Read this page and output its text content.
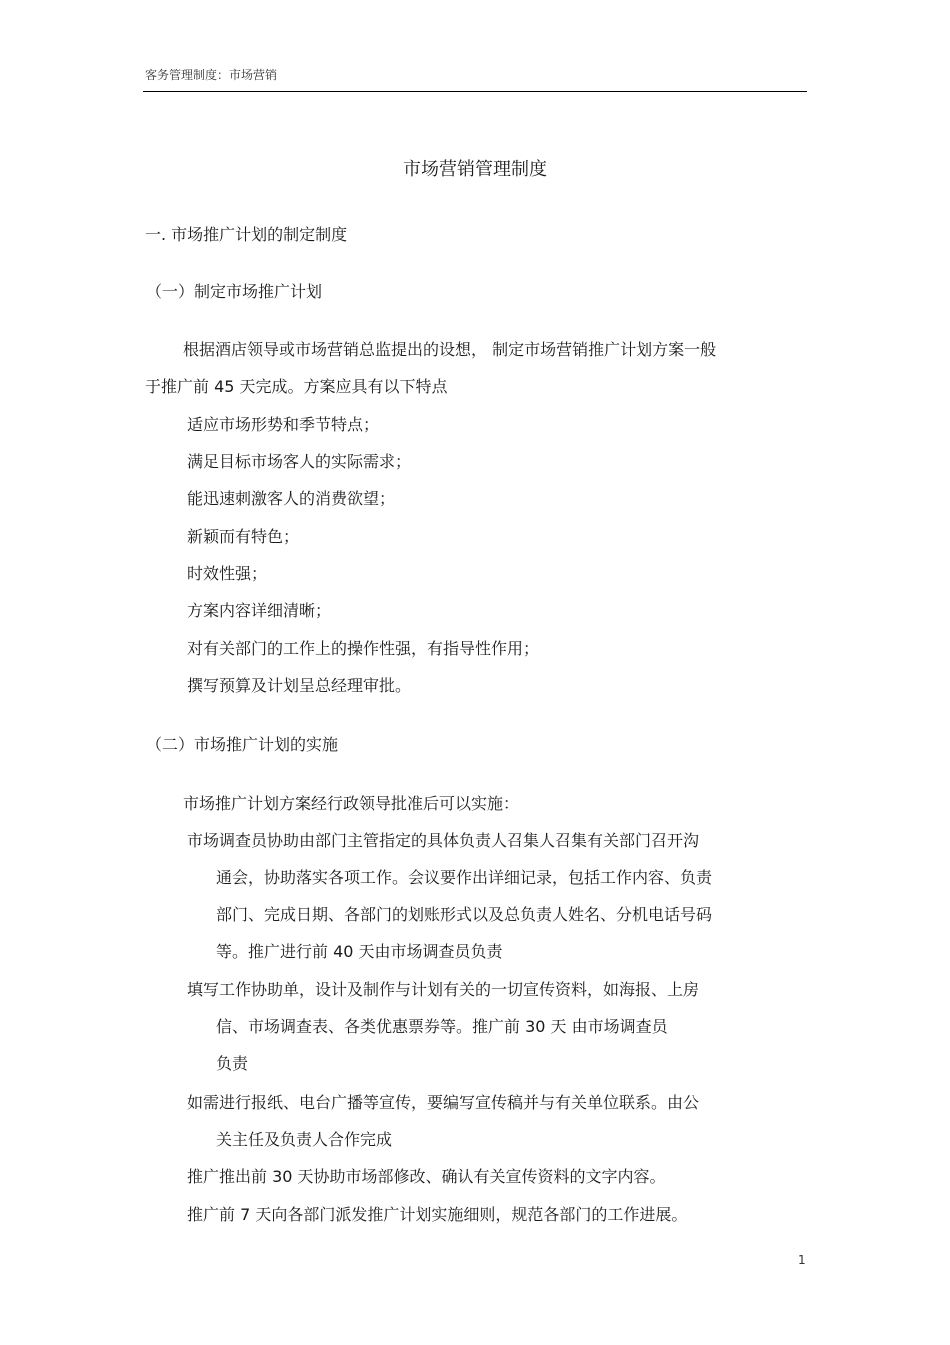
客务管理制度：市场营销
市场营销管理制度
一. 市场推广计划的制定制度
（一）制定市场推广计划
根据酒店领导或市场营销总监提出的设想， 制定市场营销推广计划方案一般
于推广前 45 天完成。方案应具有以下特点
适应市场形势和季节特点；
满足目标市场客人的实际需求；
能迅速刺激客人的消费欲望；
新颖而有特色；
时效性强；
方案内容详细清晰；
对有关部门的工作上的操作性强，有指导性作用；
撰写预算及计划呈总经理审批。
（二）市场推广计划的实施
市场推广计划方案经行政领导批准后可以实施：
市场调查员协助由部门主管指定的具体负责人召集人召集有关部门召开沟
通会，协助落实各项工作。会议要作出详细记录，包括工作内容、负责
部门、完成日期、各部门的划账形式以及总负责人姓名、分机电话号码
等。推广进行前 40 天由市场调查员负责
填写工作协助单，设计及制作与计划有关的一切宣传资料，如海报、上房
信、市场调查表、各类优惠票券等。推广前 30 天 由市场调查员
负责
如需进行报纸、电台广播等宣传，要编写宣传稿并与有关单位联系。由公
关主任及负责人合作完成
推广推出前 30 天协助市场部修改、确认有关宣传资料的文字内容。
推广前 7 天向各部门派发推广计划实施细则，规范各部门的工作进展。
1
